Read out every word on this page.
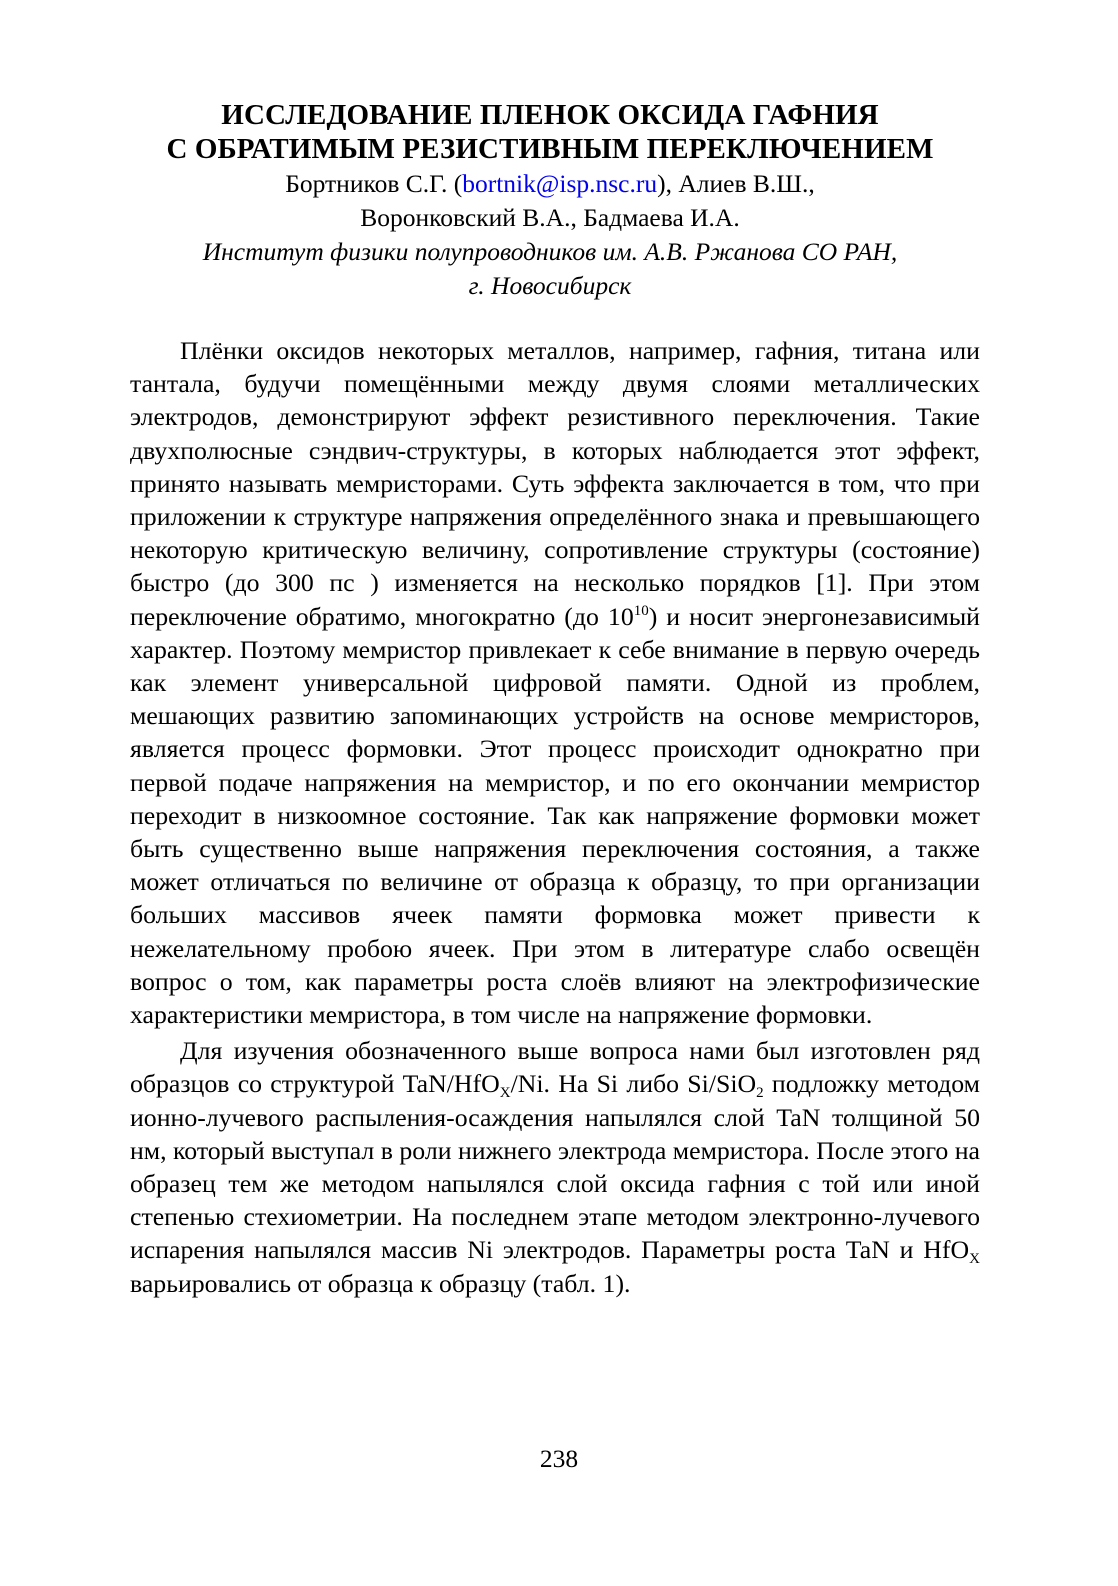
ИССЛЕДОВАНИЕ ПЛЕНОК ОКСИДА ГАФНИЯ
С ОБРАТИМЫМ РЕЗИСТИВНЫМ ПЕРЕКЛЮЧЕНИЕМ
Бортников С.Г. (bortnik@isp.nsc.ru), Алиев В.Ш.,
Воронковский В.А., Бадмаева И.А.
Институт физики полупроводников им. А.В. Ржанова СО РАН,
г. Новосибирск

Плёнки оксидов некоторых металлов, например, гафния, титана или тантала, будучи помещёнными между двумя слоями металлических электродов, демонстрируют эффект резистивного переключения. Такие двухполюсные сэндвич-структуры, в которых наблюдается этот эффект, принято называть мемристорами. Суть эффекта заключается в том, что при приложении к структуре напряжения определённого знака и превышающего некоторую критическую величину, сопротивление структуры (состояние) быстро (до 300 пс ) изменяется на несколько порядков [1]. При этом переключение обратимо, многократно (до $10^{10}$) и носит энергонезависимый характер. Поэтому мемристор привлекает к себе внимание в первую очередь как элемент универсальной цифровой памяти. Одной из проблем, мешающих развитию запоминающих устройств на основе мемристоров, является процесс формовки. Этот процесс происходит однократно при первой подаче напряжения на мемристор, и по его окончании мемристор переходит в низкоомное состояние. Так как напряжение формовки может быть существенно выше напряжения переключения состояния, а также может отличаться по величине от образца к образцу, то при организации больших массивов ячеек памяти формовка может привести к нежелательному пробою ячеек. При этом в литературе слабо освещён вопрос о том, как параметры роста слоёв влияют на электрофизические характеристики мемристора, в том числе на напряжение формовки.

Для изучения обозначенного выше вопроса нами был изготовлен ряд образцов со структурой TaN/HfO$_X$/Ni. На Si либо Si/SiO$_2$ подложку методом ионно-лучевого распыления-осаждения напылялся слой TaN толщиной 50 нм, который выступал в роли нижнего электрода мемристора. После этого на образец тем же методом напылялся слой оксида гафния с той или иной степенью стехиометрии. На последнем этапе методом электронно-лучевого испарения напылялся массив Ni электродов. Параметры роста TaN и HfO$_X$ варьировались от образца к образцу (табл. 1).

238
